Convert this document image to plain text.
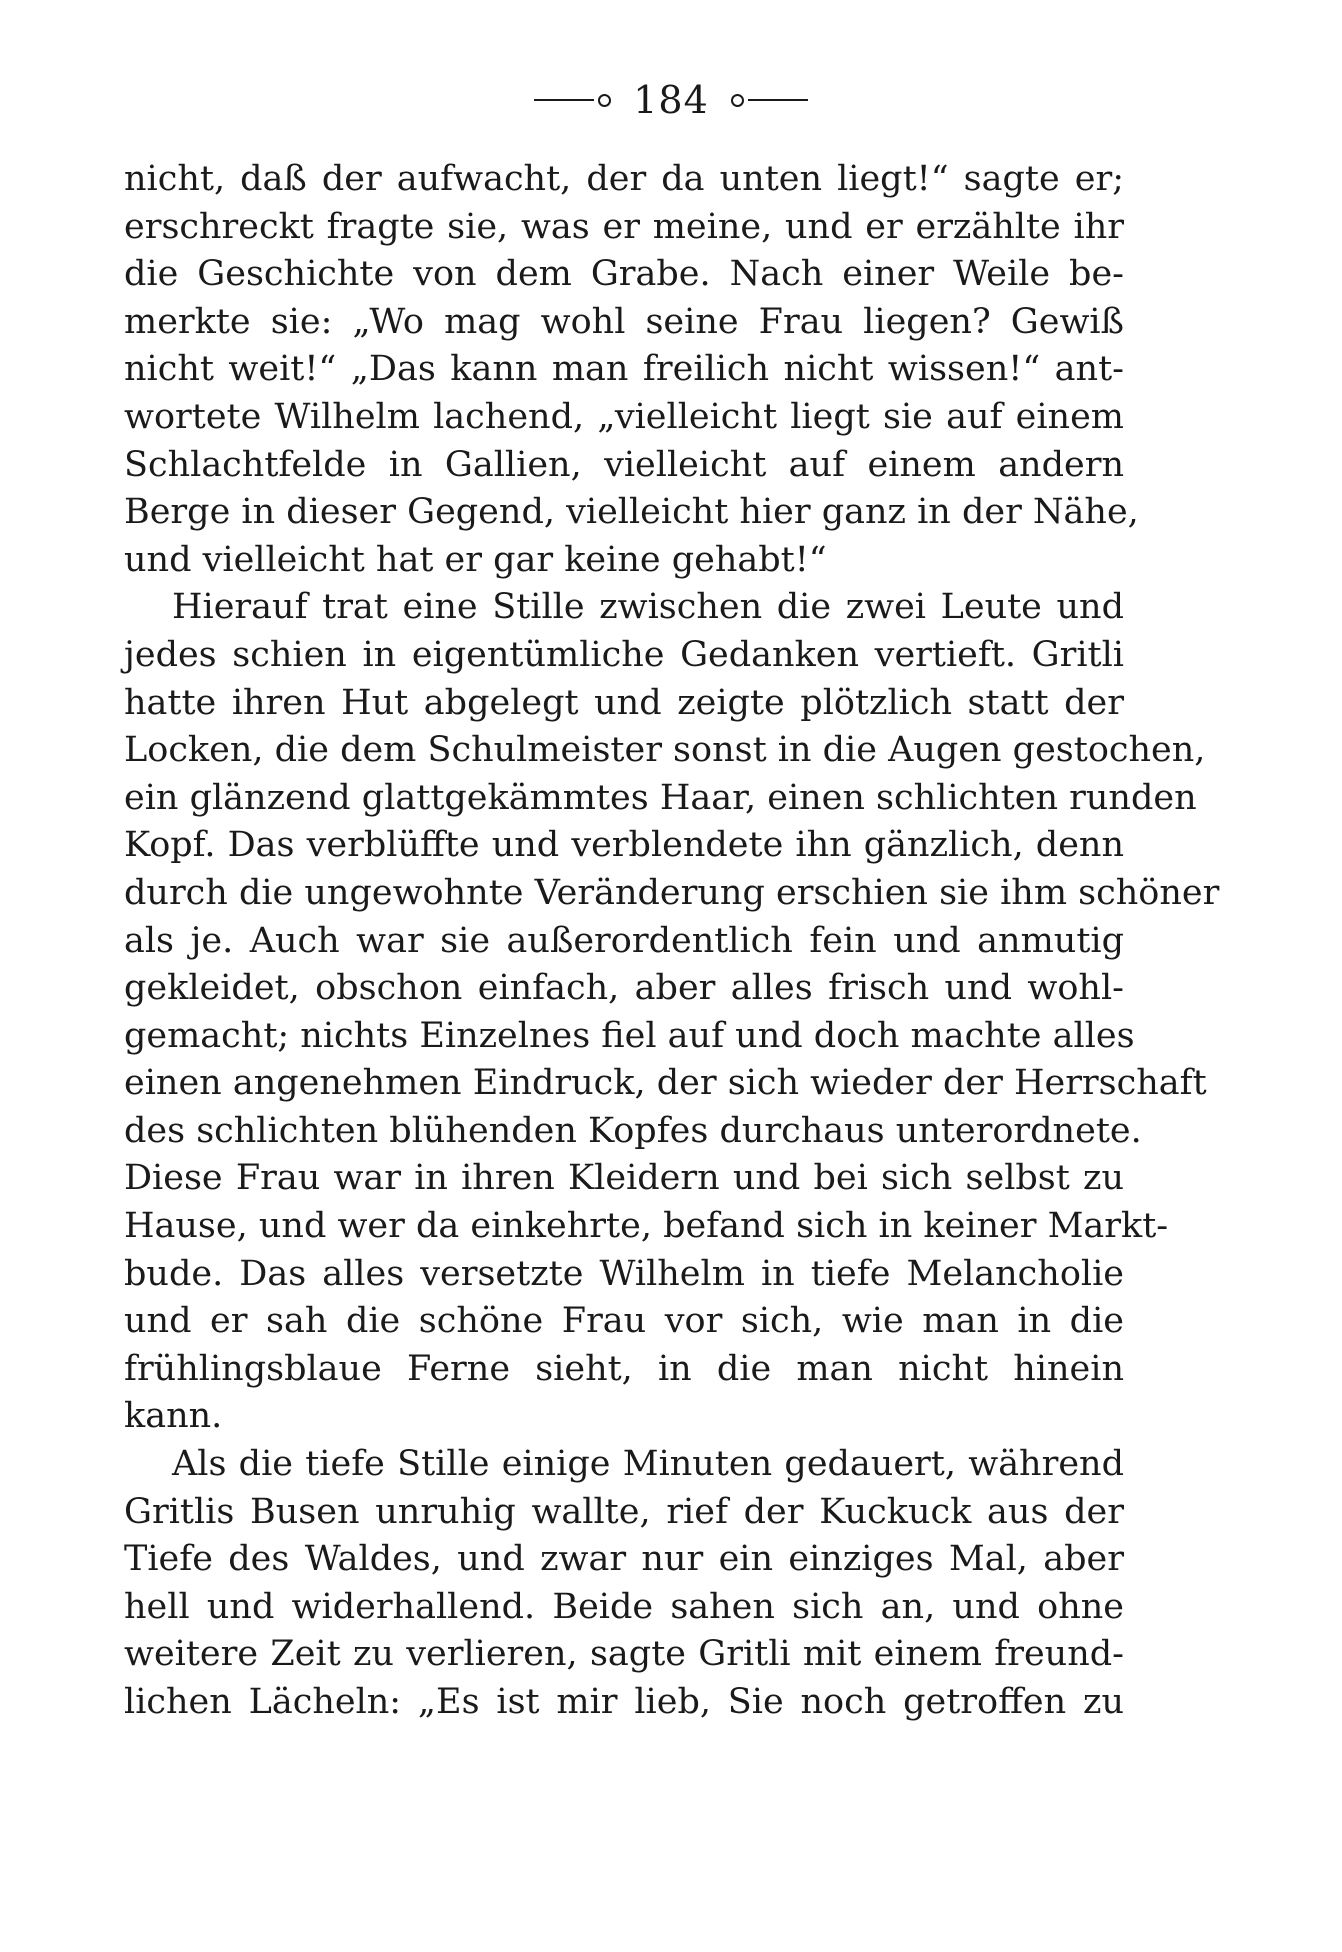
184
nicht, daß der aufwacht, der da unten liegt!“ sagte er;
erschreckt fragte sie, was er meine, und er erzählte ihr
die Geschichte von dem Grabe. Nach einer Weile be-
merkte sie: „Wo mag wohl seine Frau liegen? Gewiß
nicht weit!“ „Das kann man freilich nicht wissen!“ ant-
wortete Wilhelm lachend, „vielleicht liegt sie auf einem
Schlachtfelde in Gallien, vielleicht auf einem andern
Berge in dieser Gegend, vielleicht hier ganz in der Nähe,
und vielleicht hat er gar keine gehabt!“
Hierauf trat eine Stille zwischen die zwei Leute und
jedes schien in eigentümliche Gedanken vertieft. Gritli
hatte ihren Hut abgelegt und zeigte plötzlich statt der
Locken, die dem Schulmeister sonst in die Augen gestochen,
ein glänzend glattgekämmtes Haar, einen schlichten runden
Kopf. Das verblüffte und verblendete ihn gänzlich, denn
durch die ungewohnte Veränderung erschien sie ihm schöner
als je. Auch war sie außerordentlich fein und anmutig
gekleidet, obschon einfach, aber alles frisch und wohl-
gemacht; nichts Einzelnes fiel auf und doch machte alles
einen angenehmen Eindruck, der sich wieder der Herrschaft
des schlichten blühenden Kopfes durchaus unterordnete.
Diese Frau war in ihren Kleidern und bei sich selbst zu
Hause, und wer da einkehrte, befand sich in keiner Markt-
bude. Das alles versetzte Wilhelm in tiefe Melancholie
und er sah die schöne Frau vor sich, wie man in die
frühlingsblaue Ferne sieht, in die man nicht hinein
kann.
Als die tiefe Stille einige Minuten gedauert, während
Gritlis Busen unruhig wallte, rief der Kuckuck aus der
Tiefe des Waldes, und zwar nur ein einziges Mal, aber
hell und widerhallend. Beide sahen sich an, und ohne
weitere Zeit zu verlieren, sagte Gritli mit einem freund-
lichen Lächeln: „Es ist mir lieb, Sie noch getroffen zu
